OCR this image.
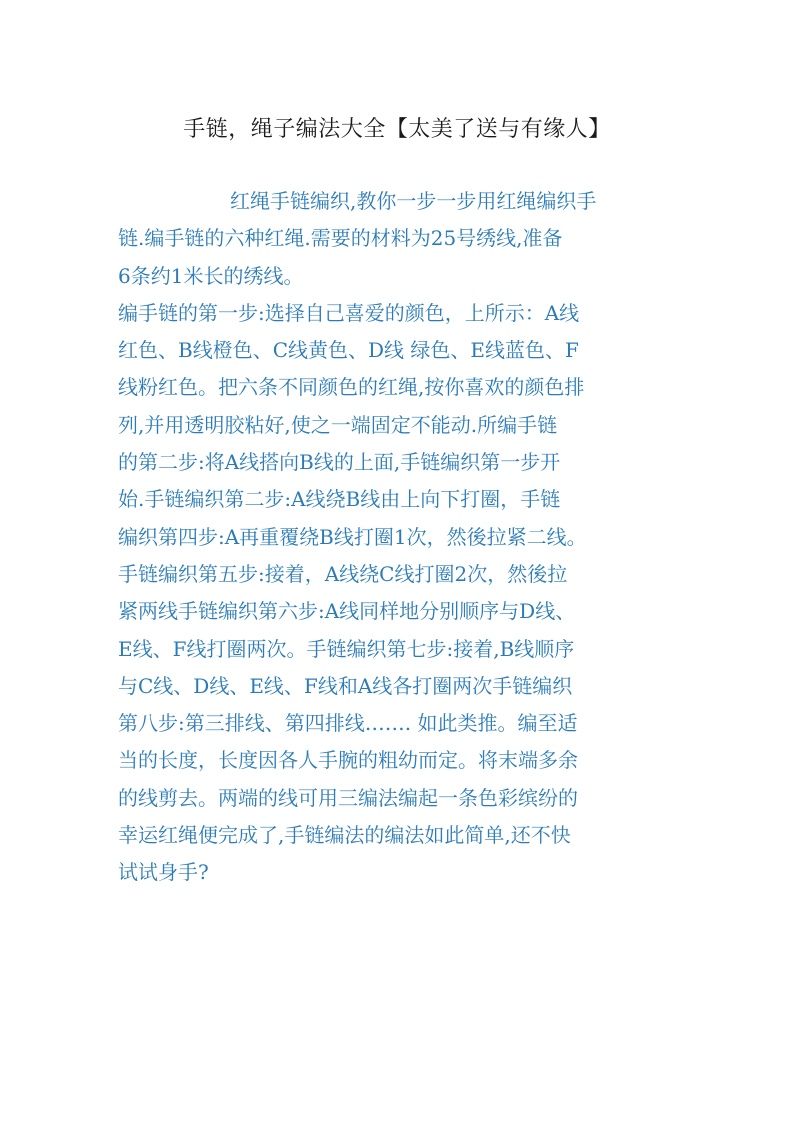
手链，绳子编法大全【太美了送与有缘人】
红绳手链编织,教你一步一步用红绳编织手
链.编手链的六种红绳.需要的材料为25号绣线,准备
6条约1米长的绣线。
编手链的第一步:选择自己喜爱的颜色，上所示：A线
红色、B线橙色、C线黄色、D线 绿色、E线蓝色、F
线粉红色。把六条不同颜色的红绳,按你喜欢的颜色排
列,并用透明胶粘好,使之一端固定不能动.所编手链
的第二步:将A线搭向B线的上面,手链编织第一步开
始.手链编织第二步:A线绕B线由上向下打圈，手链
编织第四步:A再重覆绕B线打圈1次，然後拉紧二线。
手链编织第五步:接着，A线绕C线打圈2次，然後拉
紧两线手链编织第六步:A线同样地分别顺序与D线、
E线、F线打圈两次。手链编织第七步:接着,B线顺序
与C线、D线、E线、F线和A线各打圈两次手链编织
第八步:第三排线、第四排线……. 如此类推。编至适
当的长度，长度因各人手腕的粗幼而定。将末端多余
的线剪去。两端的线可用三编法编起一条色彩缤纷的
幸运红绳便完成了,手链编法的编法如此简单,还不快
试试身手?
